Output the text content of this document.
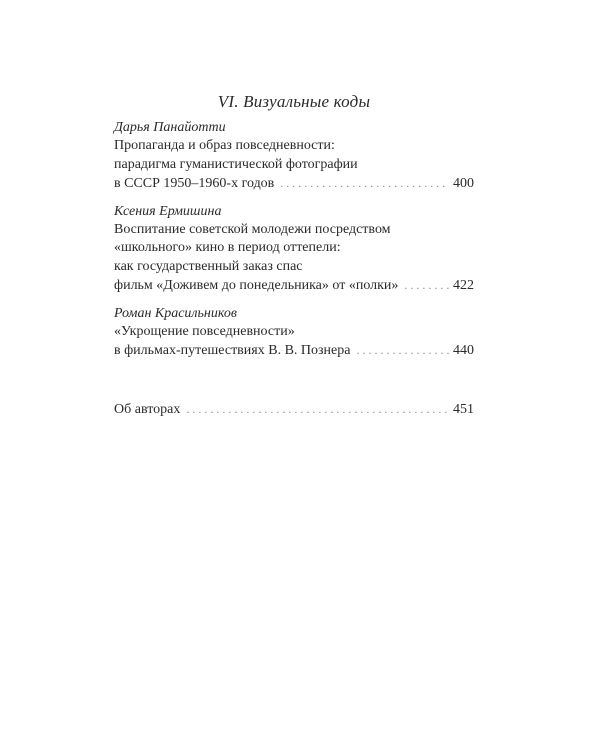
VI. Визуальные коды
Дарья Панайотти
Пропаганда и образ повседневности:
парадигма гуманистической фотографии
в СССР 1950–1960-х годов . . .	400
Ксения Ермишина
Воспитание советской молодежи посредством
«школьного» кино в период оттепели:
как государственный заказ спас
фильм «Доживем до понедельника» от «полки» . . .	422
Роман Красильников
«Укрощение повседневности»
в фильмах-путешествиях В. В. Познера . . .	440
Об авторах . . .	451
